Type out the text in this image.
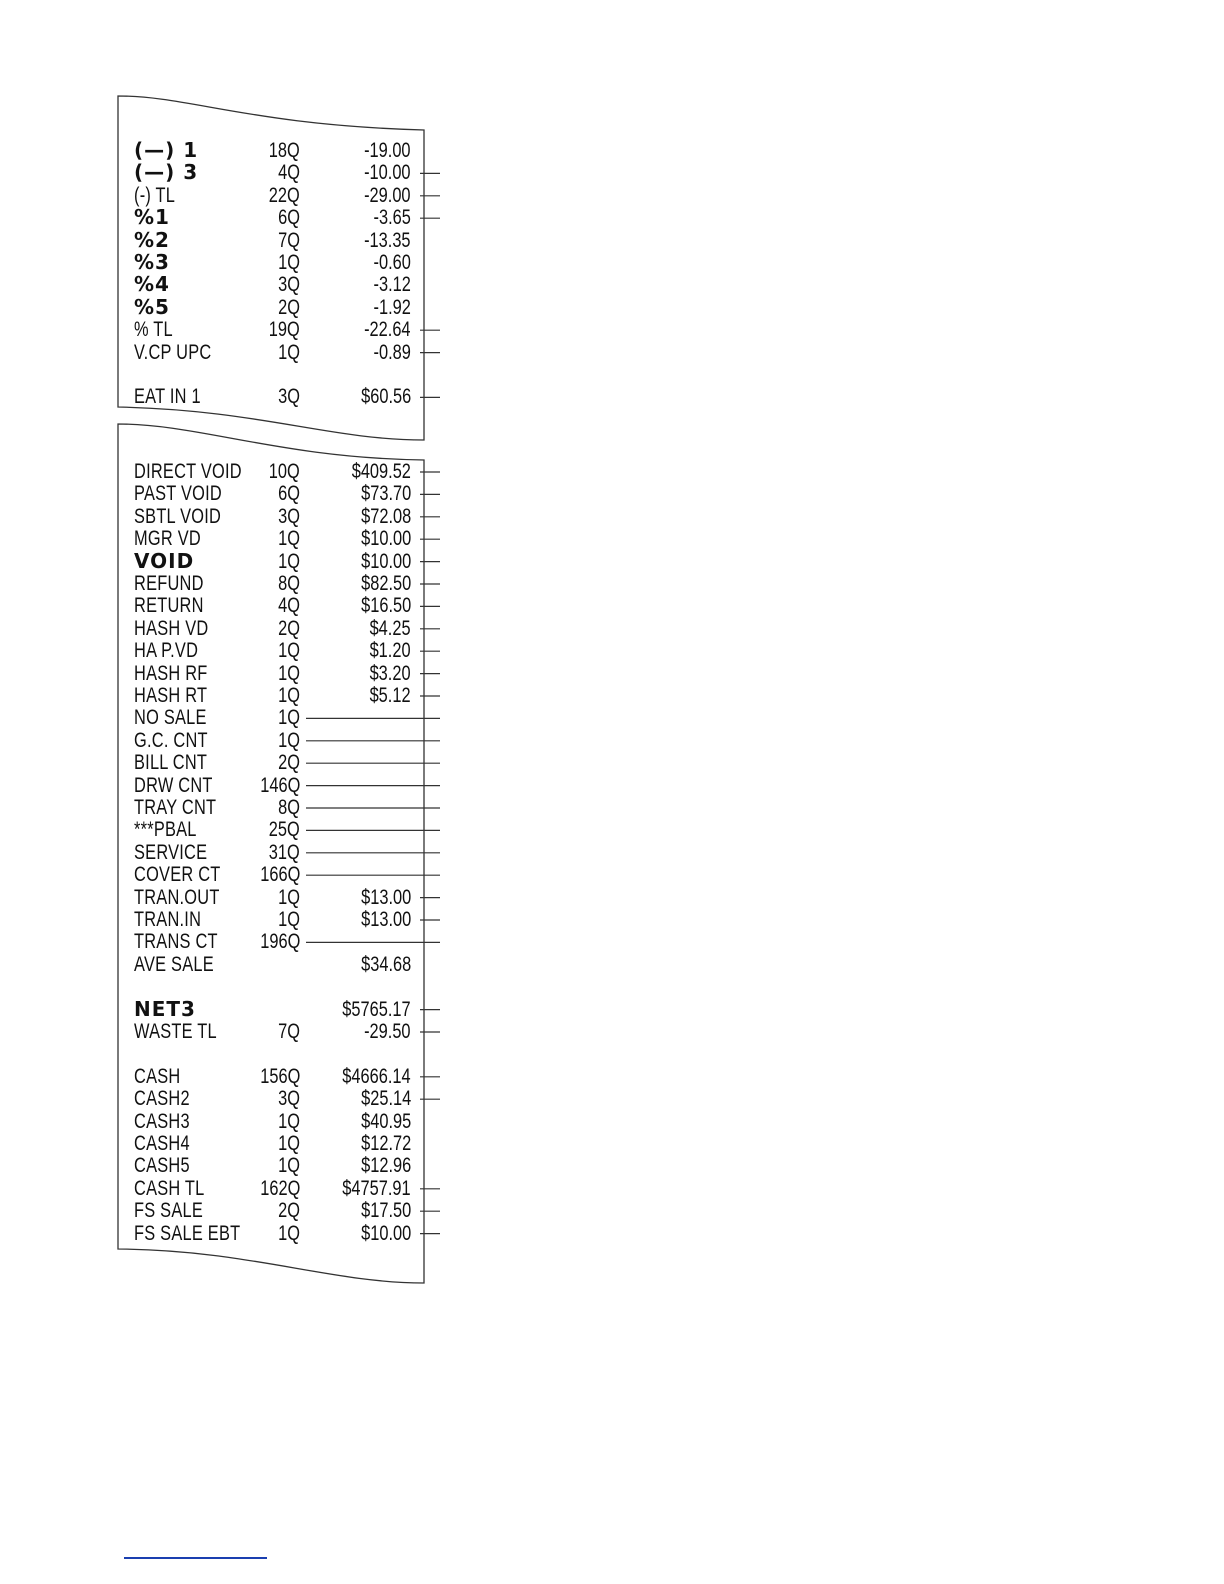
(—) 1	18Q	-19.00
(—) 3	4Q	-10.00
(-) TL	22Q	-29.00
%1	6Q	-3.65
%2	7Q	-13.35
%3	1Q	-0.60
%4	3Q	-3.12
%5	2Q	-1.92
% TL	19Q	-22.64
V.CP UPC	1Q	-0.89
EAT IN 1	3Q	$60.56
DIRECT VOID 10Q $409.52
PAST VOID	6Q	$73.70
SBTL VOID	3Q	$72.08
MGR VD	1Q	$10.00
VOID	1Q	$10.00
REFUND	8Q	$82.50
RETURN	4Q	$16.50
HASH VD	2Q	$4.25
HA P.VD	1Q	$1.20
HASH RF	1Q	$3.20
HASH RT	1Q	$5.12
NO SALE	1Q
G.C. CNT	1Q
BILL CNT	2Q
DRW CNT 146Q
TRAY CNT	8Q
***PBAL	25Q
SERVICE	31Q
COVER CT 166Q
TRAN.OUT	1Q	$13.00
TRAN.IN	1Q	$13.00
TRANS CT 196Q
AVE SALE	$34.68
NET3	$5765.17
WASTE TL	7Q	-29.50
CASH	156Q $4666.14
CASH2	3Q	$25.14
CASH3	1Q	$40.95
CASH4	1Q	$12.72
CASH5	1Q	$12.96
CASH TL	162Q $4757.91
FS SALE	2Q	$17.50
FS SALE EBT 1Q	$10.00
